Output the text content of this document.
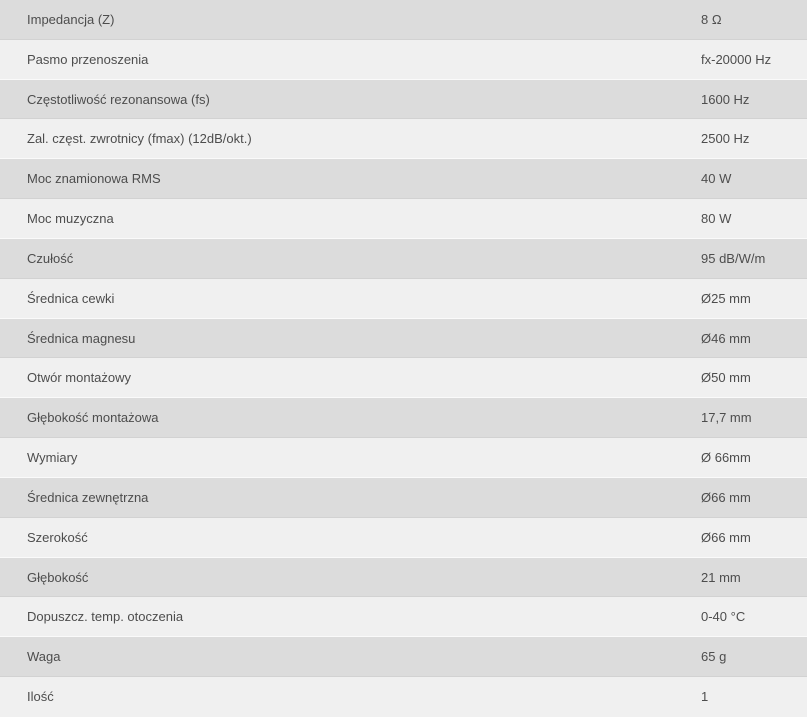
Impedancja (Z)	8 Ω
Pasmo przenoszenia	fx-20000 Hz
Częstotliwość rezonansowa (fs)	1600 Hz
Zal. częst. zwrotnicy (fmax) (12dB/okt.)	2500 Hz
Moc znamionowa RMS	40 W
Moc muzyczna	80 W
Czułość	95 dB/W/m
Średnica cewki	Ø25 mm
Średnica magnesu	Ø46 mm
Otwór montażowy	Ø50 mm
Głębokość montażowa	17,7 mm
Wymiary	Ø 66mm
Średnica zewnętrzna	Ø66 mm
Szerokość	Ø66 mm
Głębokość	21 mm
Dopuszcz. temp. otoczenia	0-40 °C
Waga	65 g
Ilość	1
